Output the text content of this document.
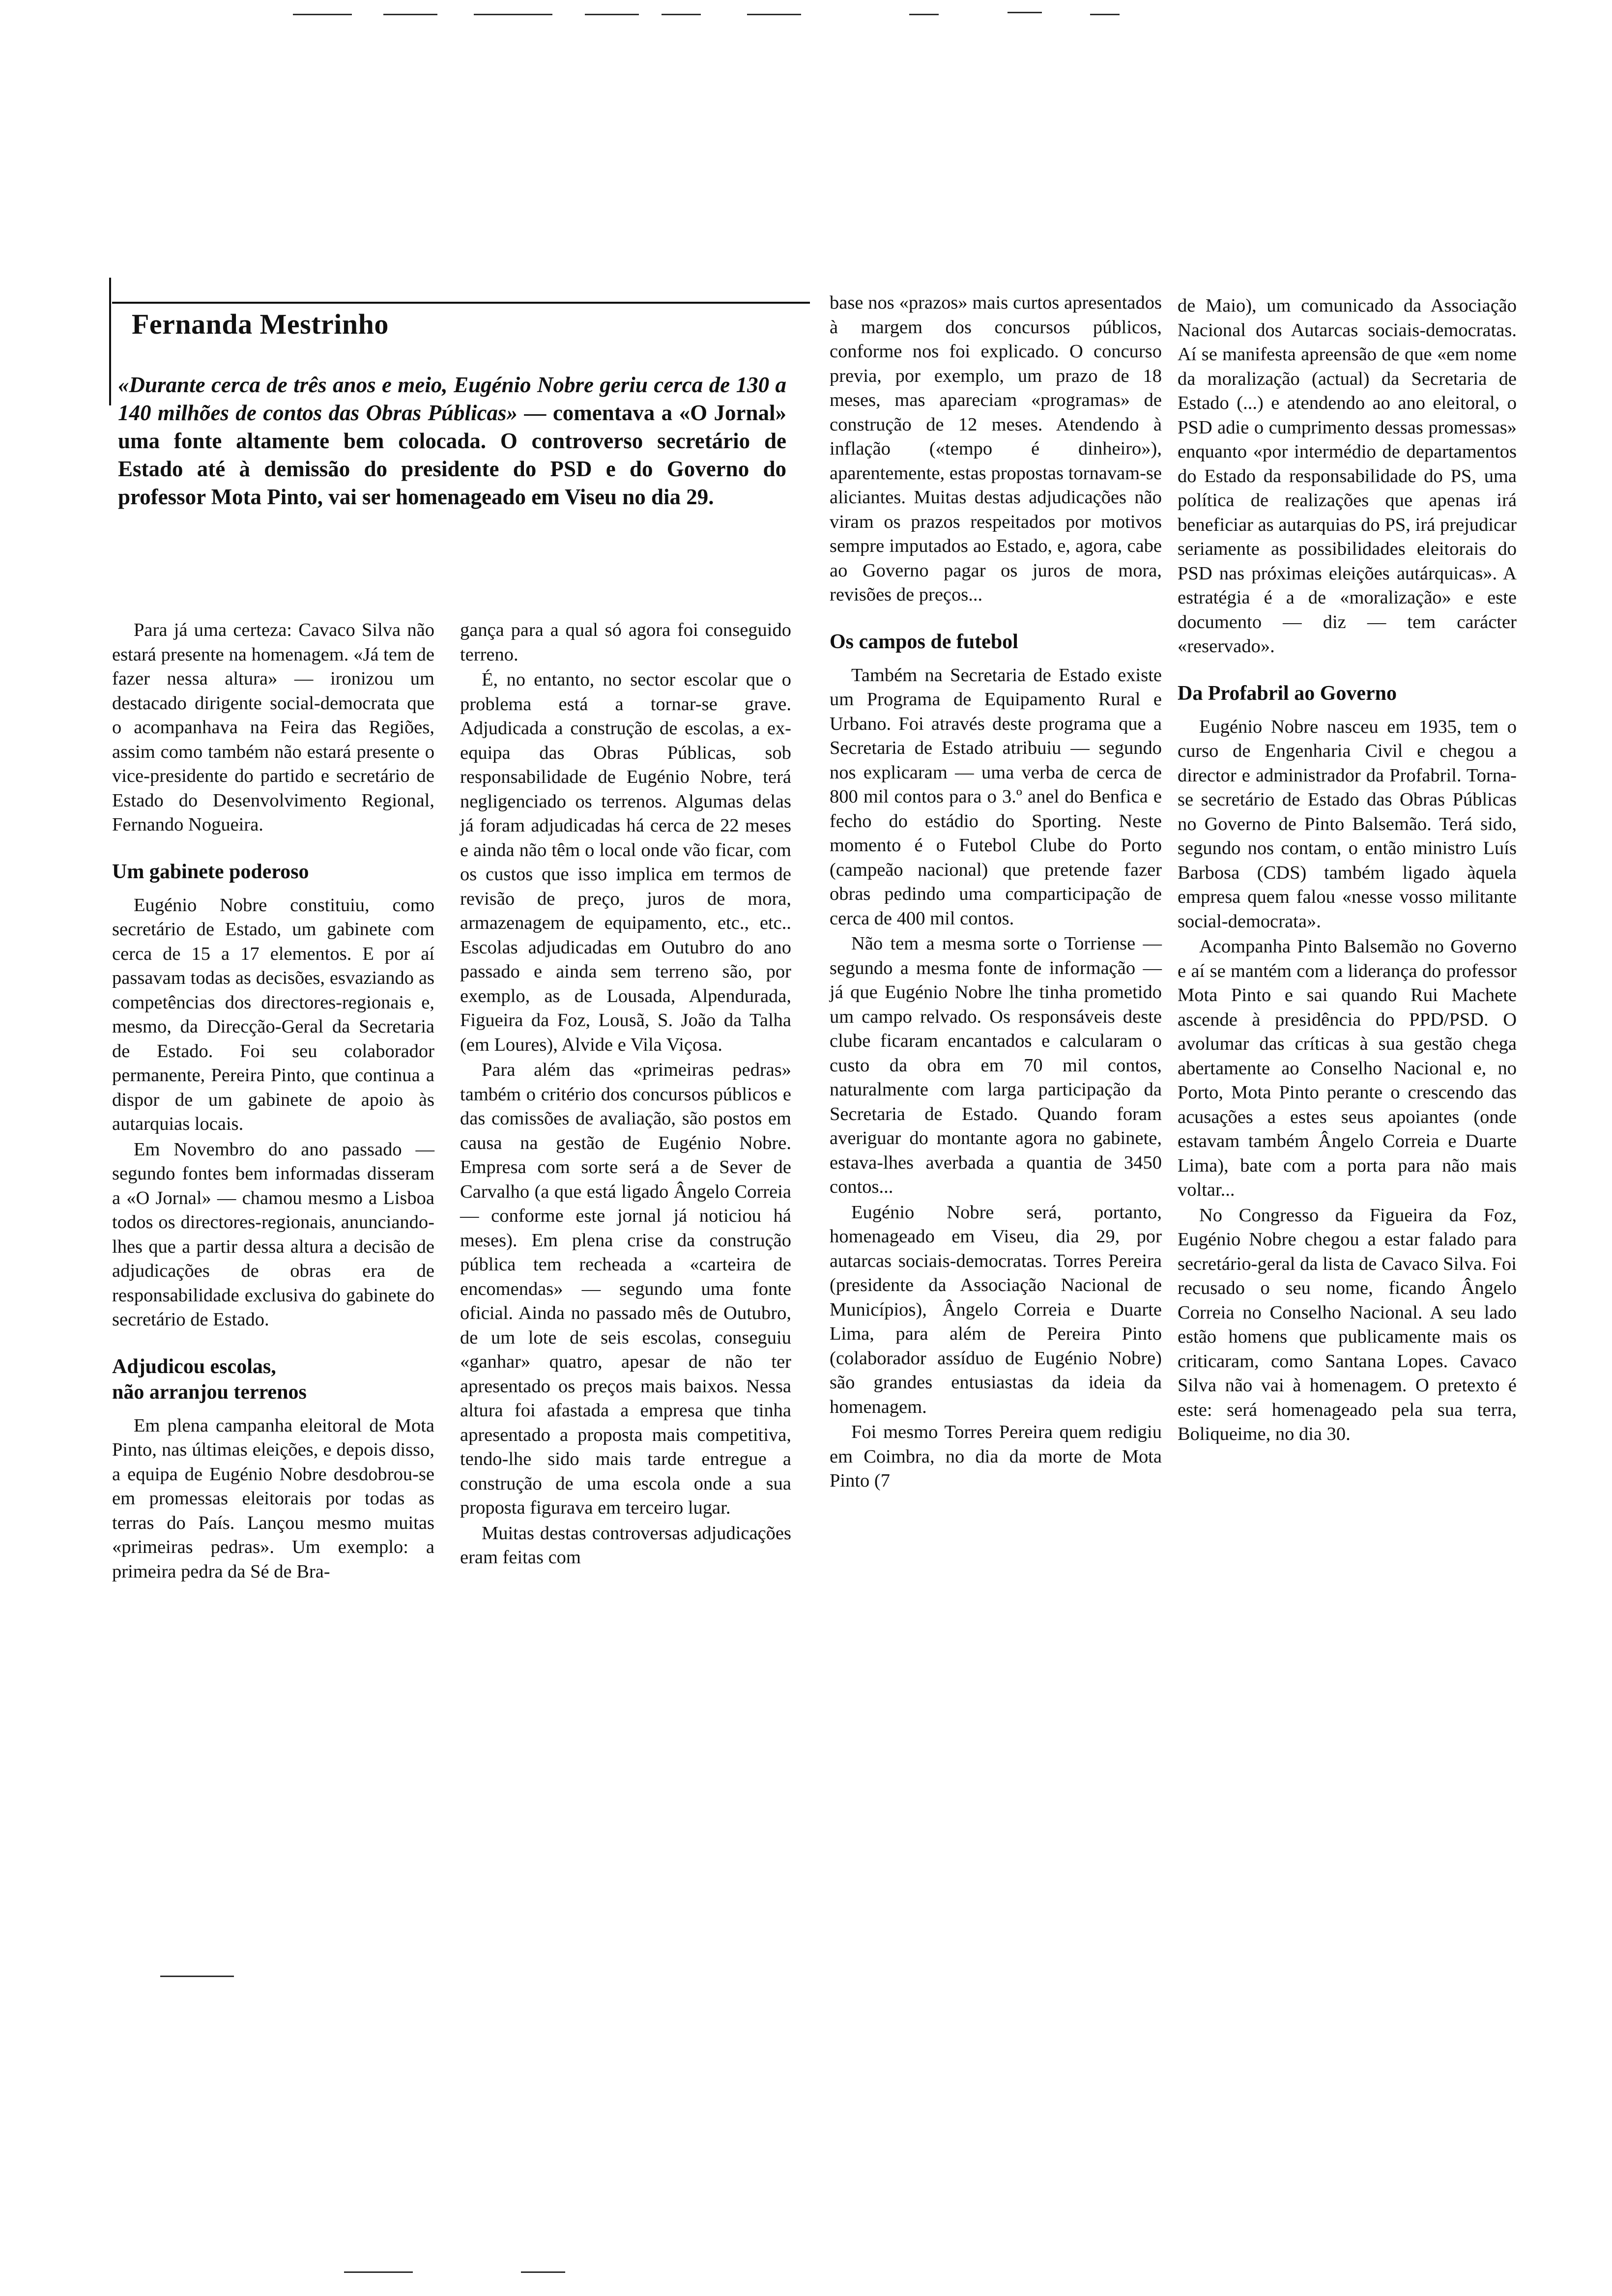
Fernanda Mestrinho
«Durante cerca de três anos e meio, Eugénio Nobre geriu cerca de 130 a 140 milhões de contos das Obras Públicas» — comentava a «O Jornal» uma fonte altamente bem colocada. O controverso secretário de Estado até à demissão do presidente do PSD e do Governo do professor Mota Pinto, vai ser homenageado em Viseu no dia 29.

Para já uma certeza: Cavaco Silva não estará presente na homenagem. «Já tem de fazer nessa altura» — ironizou um destacado dirigente social-democrata que o acompanhava na Feira das Regiões, assim como também não estará presente o vice-presidente do partido e secretário de Estado do Desenvolvimento Regional, Fernando Nogueira.

Um gabinete poderoso

Eugénio Nobre constituiu, como secretário de Estado, um gabinete com cerca de 15 a 17 elementos. E por aí passavam todas as decisões, esvaziando as competências dos directores-regionais e, mesmo, da Direcção-Geral da Secretaria de Estado. Foi seu colaborador permanente, Pereira Pinto, que continua a dispor de um gabinete de apoio às autarquias locais.

Em Novembro do ano passado — segundo fontes bem informadas disseram a «O Jornal» — chamou mesmo a Lisboa todos os directores-regionais, anunciando-lhes que a partir dessa altura a decisão de adjudicações de obras era de responsabilidade exclusiva do gabinete do secretário de Estado.

Adjudicou escolas,
não arranjou terrenos

Em plena campanha eleitoral de Mota Pinto, nas últimas eleições, e depois disso, a equipa de Eugénio Nobre desdobrou-se em promessas eleitorais por todas as terras do País. Lançou mesmo muitas «primeiras pedras». Um exemplo: a primeira pedra da Sé de Bra-

gança para a qual só agora foi conseguido terreno.

É, no entanto, no sector escolar que o problema está a tornar-se grave. Adjudicada a construção de escolas, a ex-equipa das Obras Públicas, sob responsabilidade de Eugénio Nobre, terá negligenciado os terrenos. Algumas delas já foram adjudicadas há cerca de 22 meses e ainda não têm o local onde vão ficar, com os custos que isso implica em termos de revisão de preço, juros de mora, armazenagem de equipamento, etc., etc.. Escolas adjudicadas em Outubro do ano passado e ainda sem terreno são, por exemplo, as de Lousada, Alpendurada, Figueira da Foz, Lousã, S. João da Talha (em Loures), Alvide e Vila Viçosa.

Para além das «primeiras pedras» também o critério dos concursos públicos e das comissões de avaliação, são postos em causa na gestão de Eugénio Nobre. Empresa com sorte será a de Sever de Carvalho (a que está ligado Ângelo Correia — conforme este jornal já noticiou há meses). Em plena crise da construção pública tem recheada a «carteira de encomendas» — segundo uma fonte oficial. Ainda no passado mês de Outubro, de um lote de seis escolas, conseguiu «ganhar» quatro, apesar de não ter apresentado os preços mais baixos. Nessa altura foi afastada a empresa que tinha apresentado a proposta mais competitiva, tendo-lhe sido mais tarde entregue a construção de uma escola onde a sua proposta figurava em terceiro lugar.

Muitas destas controversas adjudicações eram feitas com

base nos «prazos» mais curtos apresentados à margem dos concursos públicos, conforme nos foi explicado. O concurso previa, por exemplo, um prazo de 18 meses, mas apareciam «programas» de construção de 12 meses. Atendendo à inflação («tempo é dinheiro»), aparentemente, estas propostas tornavam-se aliciantes. Muitas destas adjudicações não viram os prazos respeitados por motivos sempre imputados ao Estado, e, agora, cabe ao Governo pagar os juros de mora, revisões de preços...

Os campos de futebol

Também na Secretaria de Estado existe um Programa de Equipamento Rural e Urbano. Foi através deste programa que a Secretaria de Estado atribuiu — segundo nos explicaram — uma verba de cerca de 800 mil contos para o 3.º anel do Benfica e fecho do estádio do Sporting. Neste momento é o Futebol Clube do Porto (campeão nacional) que pretende fazer obras pedindo uma comparticipação de cerca de 400 mil contos.

Não tem a mesma sorte o Torriense — segundo a mesma fonte de informação — já que Eugénio Nobre lhe tinha prometido um campo relvado. Os responsáveis deste clube ficaram encantados e calcularam o custo da obra em 70 mil contos, naturalmente com larga participação da Secretaria de Estado. Quando foram averiguar do montante agora no gabinete, estava-lhes averbada a quantia de 3450 contos...

Eugénio Nobre será, portanto, homenageado em Viseu, dia 29, por autarcas sociais-democratas. Torres Pereira (presidente da Associação Nacional de Municípios), Ângelo Correia e Duarte Lima, para além de Pereira Pinto (colaborador assíduo de Eugénio Nobre) são grandes entusiastas da ideia da homenagem.

Foi mesmo Torres Pereira quem redigiu em Coimbra, no dia da morte de Mota Pinto (7

de Maio), um comunicado da Associação Nacional dos Autarcas sociais-democratas. Aí se manifesta apreensão de que «em nome da moralização (actual) da Secretaria de Estado (...) e atendendo ao ano eleitoral, o PSD adie o cumprimento dessas promessas» enquanto «por intermédio de departamentos do Estado da responsabilidade do PS, uma política de realizações que apenas irá beneficiar as autarquias do PS, irá prejudicar seriamente as possibilidades eleitorais do PSD nas próximas eleições autárquicas». A estratégia é a de «moralização» e este documento — diz — tem carácter «reservado».

Da Profabril ao Governo

Eugénio Nobre nasceu em 1935, tem o curso de Engenharia Civil e chegou a director e administrador da Profabril. Torna-se secretário de Estado das Obras Públicas no Governo de Pinto Balsemão. Terá sido, segundo nos contam, o então ministro Luís Barbosa (CDS) também ligado àquela empresa quem falou «nesse vosso militante social-democrata».

Acompanha Pinto Balsemão no Governo e aí se mantém com a liderança do professor Mota Pinto e sai quando Rui Machete ascende à presidência do PPD/PSD. O avolumar das críticas à sua gestão chega abertamente ao Conselho Nacional e, no Porto, Mota Pinto perante o crescendo das acusações a estes seus apoiantes (onde estavam também Ângelo Correia e Duarte Lima), bate com a porta para não mais voltar...

No Congresso da Figueira da Foz, Eugénio Nobre chegou a estar falado para secretário-geral da lista de Cavaco Silva. Foi recusado o seu nome, ficando Ângelo Correia no Conselho Nacional. A seu lado estão homens que publicamente mais os criticaram, como Santana Lopes. Cavaco Silva não vai à homenagem. O pretexto é este: será homenageado pela sua terra, Boliqueime, no dia 30.
